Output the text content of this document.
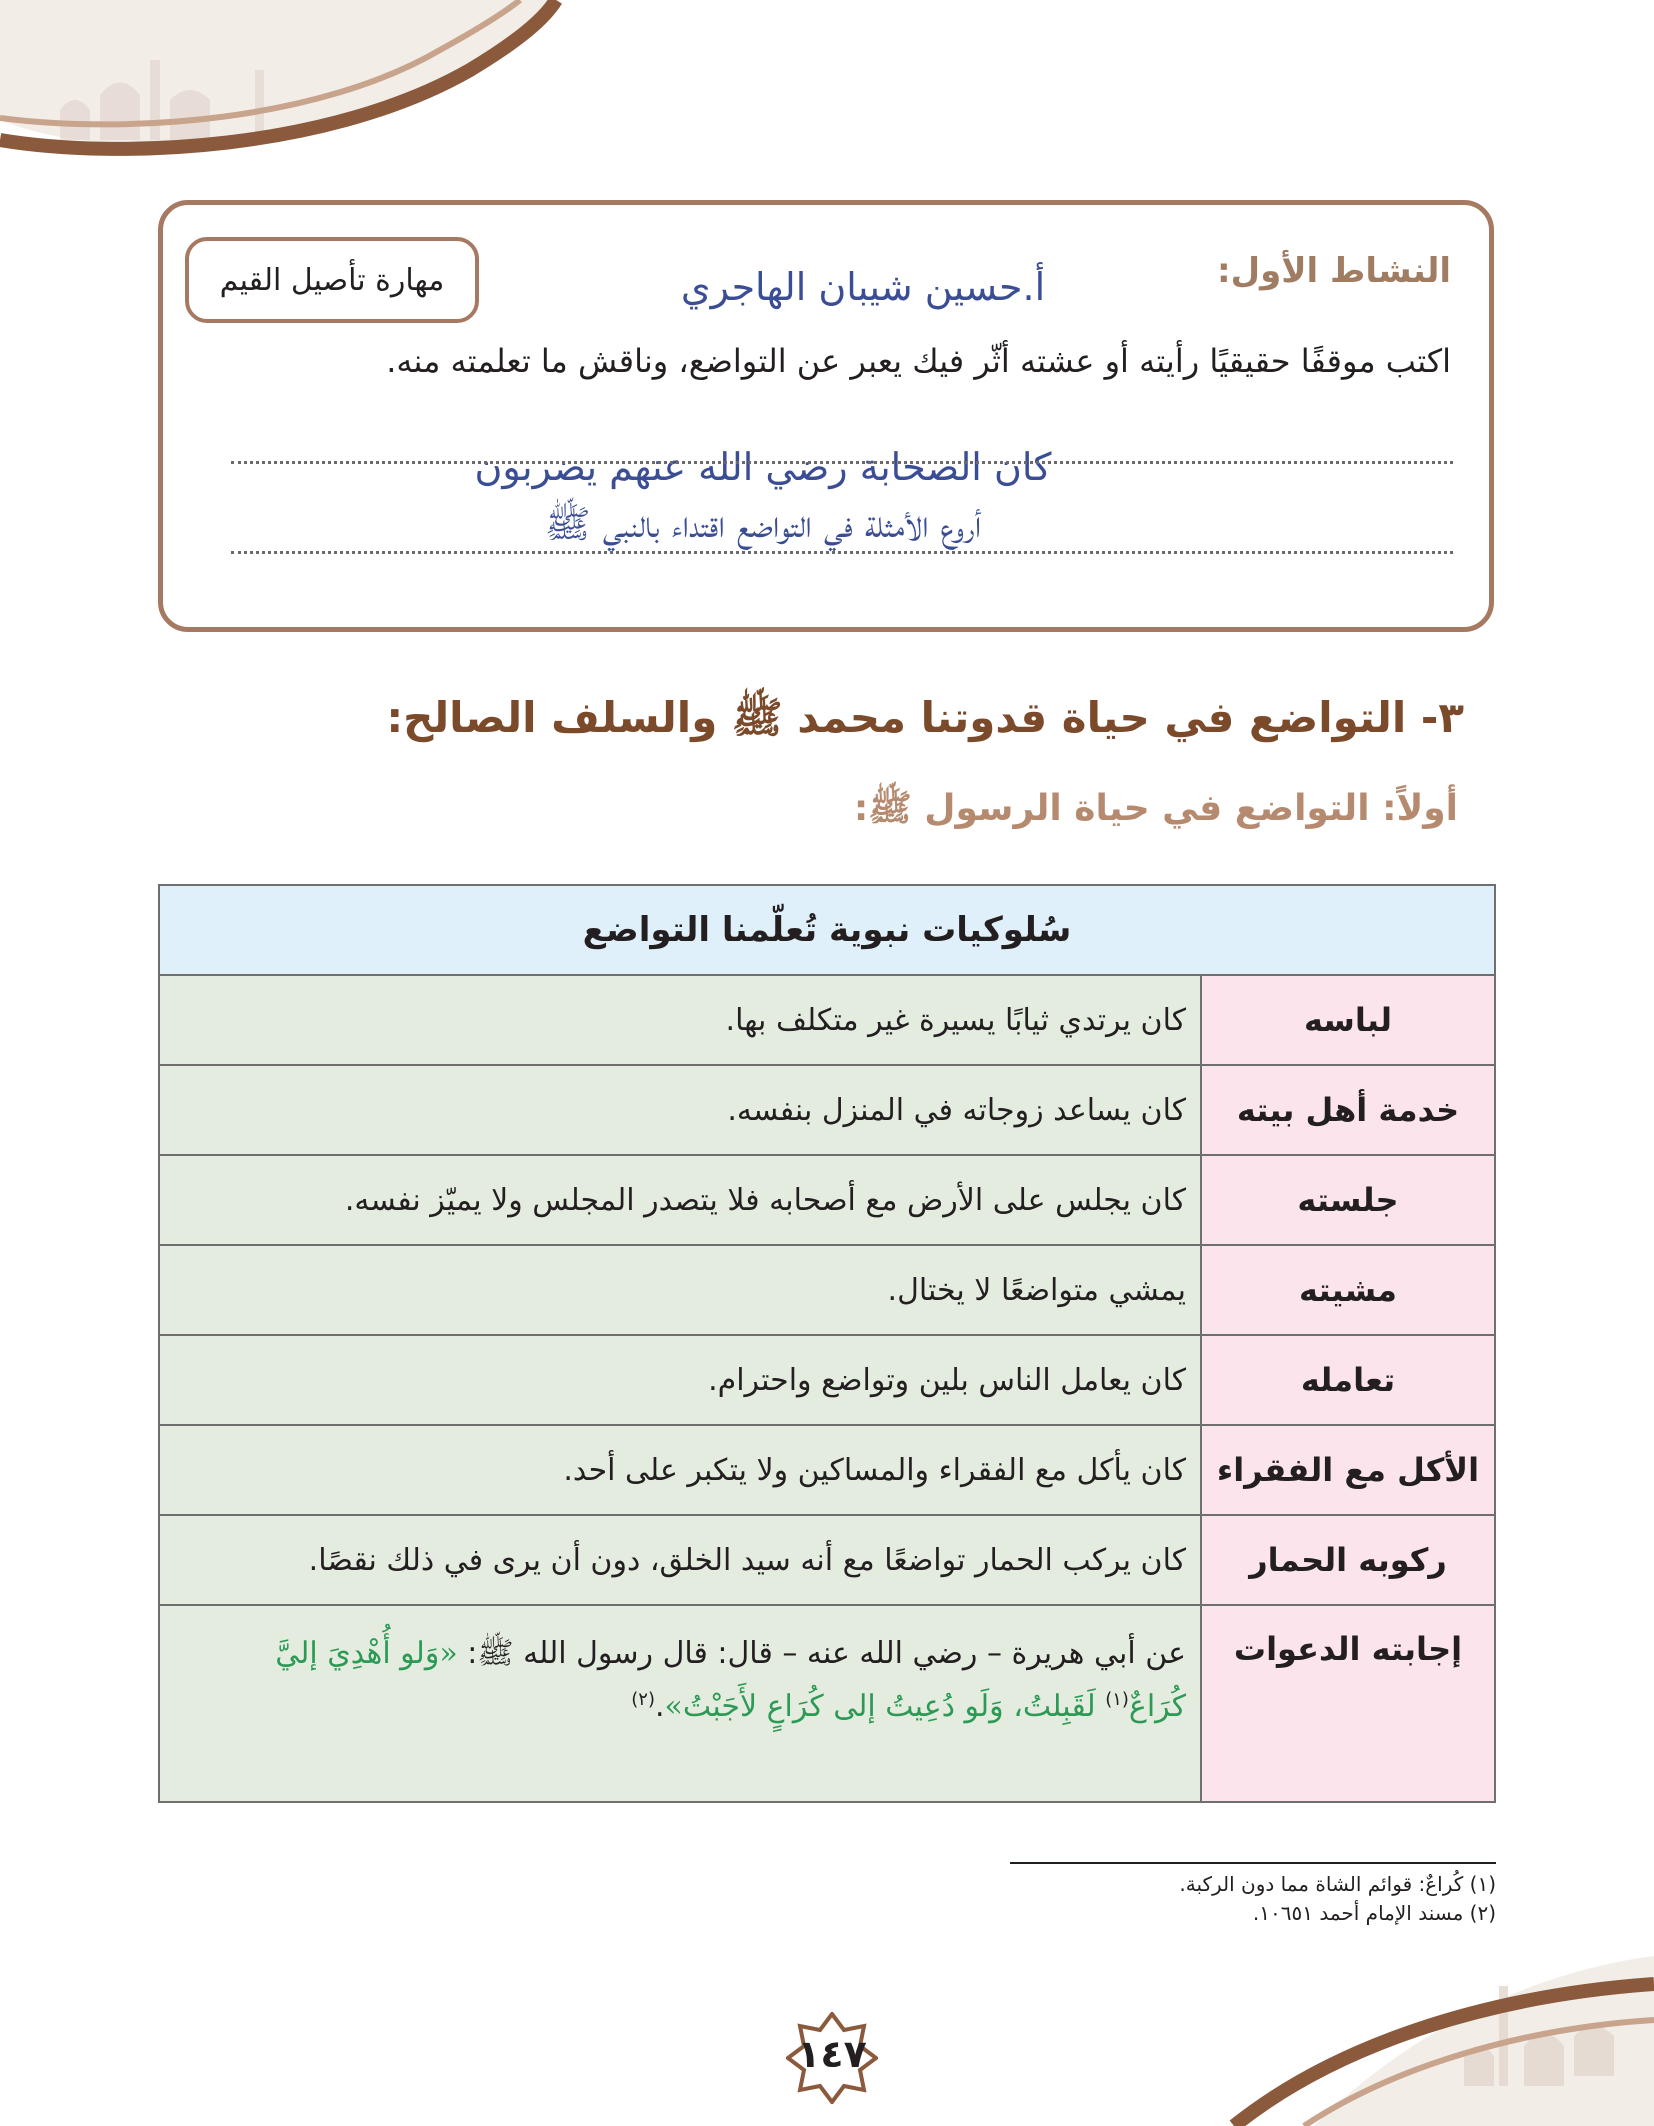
النشاط الأول:
مهارة تأصيل القيم	أ.حسين شيبان الهاجري
اكتب موقفًا حقيقيًا رأيته أو عشته أثّر فيك يعبر عن التواضع، وناقش ما تعلمته منه.
كان الصحابة رضي الله عنهم يضربون
أروع الأمثلة في التواضع اقتداء بالنبي ﷺ
٣- التواضع في حياة قدوتنا محمد ﷺ والسلف الصالح:
أولاً: التواضع في حياة الرسول ﷺ:
سُلوكيات نبوية تُعلّمنا التواضع	
لباسه	كان يرتدي ثيابًا يسيرة غير متكلف بها.
خدمة أهل بيته	كان يساعد زوجاته في المنزل بنفسه.
جلسته	كان يجلس على الأرض مع أصحابه فلا يتصدر المجلس ولا يميّز نفسه.
مشيته	يمشي متواضعًا لا يختال.
تعامله	كان يعامل الناس بلين وتواضع واحترام.
الأكل مع الفقراء	كان يأكل مع الفقراء والمساكين ولا يتكبر على أحد.
ركوبه الحمار	كان يركب الحمار تواضعًا مع أنه سيد الخلق، دون أن يرى في ذلك نقصًا.
إجابته الدعوات	عن أبي هريرة – رضي الله عنه – قال: قال رسول الله ﷺ: «وَلو أُهْدِيَ إليَّ
كُرَاعٌ$^{(١)}$ لَقَبِلتُ، وَلَو دُعِيتُ إلى كُرَاعٍ لأَجَبْتُ».$^{(٢)}$
(١) كُراعٌ: قوائم الشاة مما دون الركبة.
(٢) مسند الإمام أحمد ١٠٦٥١.
١٤٧
